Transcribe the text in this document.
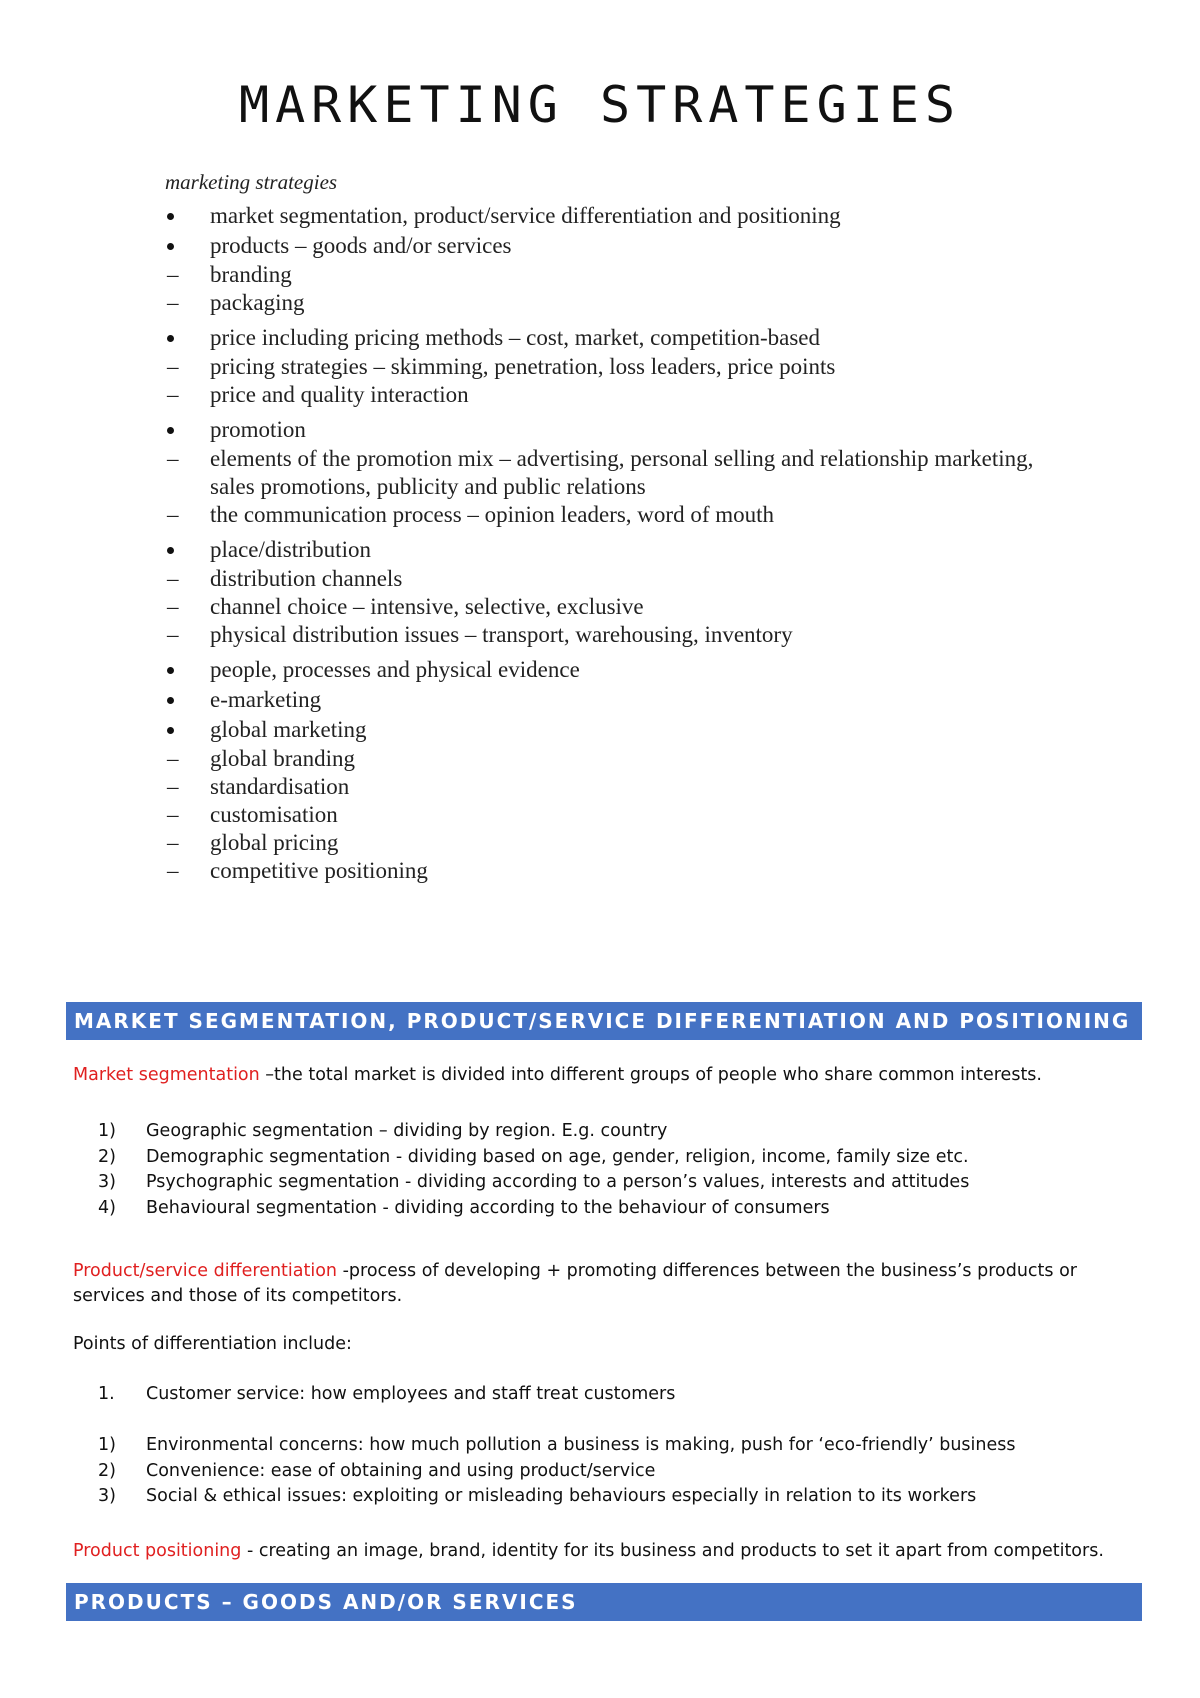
MARKETING STRATEGIES
marketing strategies
market segmentation, product/service differentiation and positioning
products – goods and/or services
– branding
– packaging
price including pricing methods – cost, market, competition-based
– pricing strategies – skimming, penetration, loss leaders, price points
– price and quality interaction
promotion
– elements of the promotion mix – advertising, personal selling and relationship marketing, sales promotions, publicity and public relations
– the communication process – opinion leaders, word of mouth
place/distribution
– distribution channels
– channel choice – intensive, selective, exclusive
– physical distribution issues – transport, warehousing, inventory
people, processes and physical evidence
e-marketing
global marketing
– global branding
– standardisation
– customisation
– global pricing
– competitive positioning
MARKET SEGMENTATION, PRODUCT/SERVICE DIFFERENTIATION AND POSITIONING
Market segmentation –the total market is divided into different groups of people who share common interests.
1) Geographic segmentation – dividing by region. E.g. country
2) Demographic segmentation - dividing based on age, gender, religion, income, family size etc.
3) Psychographic segmentation - dividing according to a person’s values, interests and attitudes
4) Behavioural segmentation - dividing according to the behaviour of consumers
Product/service differentiation -process of developing + promoting differences between the business’s products or services and those of its competitors.
Points of differentiation include:
1. Customer service: how employees and staff treat customers
1) Environmental concerns: how much pollution a business is making, push for ‘eco-friendly’ business
2) Convenience: ease of obtaining and using product/service
3) Social & ethical issues: exploiting or misleading behaviours especially in relation to its workers
Product positioning - creating an image, brand, identity for its business and products to set it apart from competitors.
PRODUCTS – GOODS AND/OR SERVICES
